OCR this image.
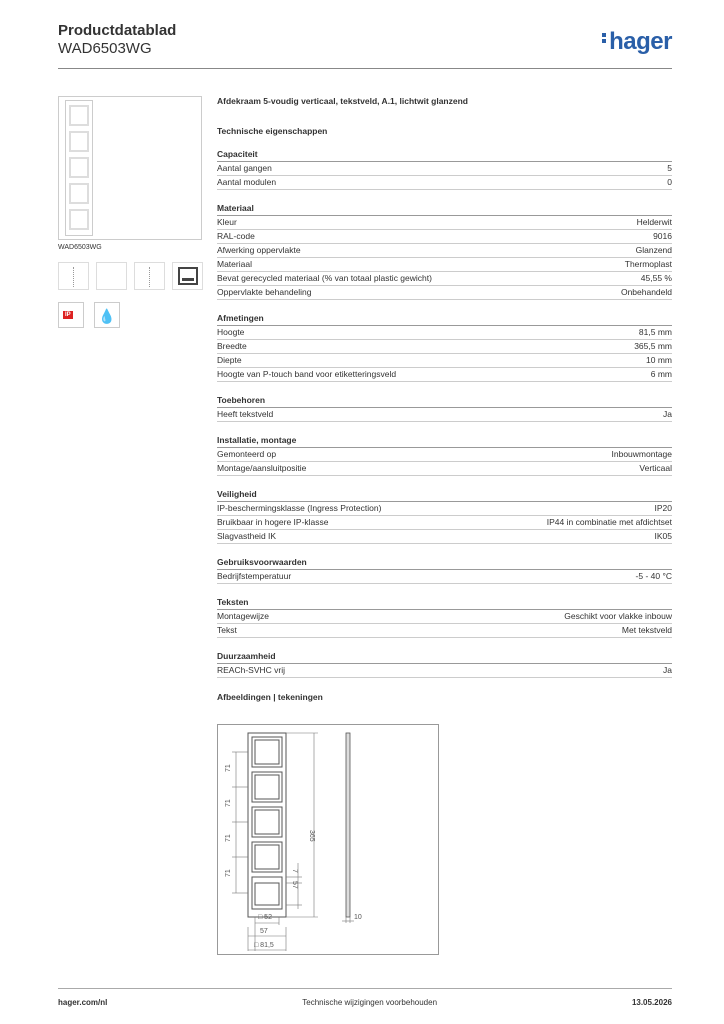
Productdatablad
WAD6503WG	hager
WAD6503WG
IP	💧
Afdekraam 5-voudig verticaal, tekstveld, A.1, lichtwit glanzend
Technische eigenschappen
Capaciteit
Aantal gangen	5
Aantal modulen	0
Materiaal
Kleur	Helderwit
RAL-code	9016
Afwerking oppervlakte	Glanzend
Materiaal	Thermoplast
Bevat gerecycled materiaal (% van totaal plastic gewicht)	45,55 %
Oppervlakte behandeling	Onbehandeld
Afmetingen
Hoogte	81,5 mm
Breedte	365,5 mm
Diepte	10 mm
Hoogte van P-touch band voor etiketteringsveld	6 mm
Toebehoren
Heeft tekstveld	Ja
Installatie, montage
Gemonteerd op	Inbouwmontage
Montage/aansluitpositie	Verticaal
Veiligheid
IP-beschermingsklasse (Ingress Protection)	IP20
Bruikbaar in hogere IP-klasse	IP44 in combinatie met afdichtset
Slagvastheid IK	IK05
Gebruiksvoorwaarden
Bedrijfstemperatuur	-5 - 40 °C
Teksten
Montagewijze	Geschikt voor vlakke inbouw
Tekst	Met tekstveld
Duurzaamheid
REACh-SVHC vrij	Ja
Afbeeldingen | tekeningen
71
71
71
71
365
7
57
□ 52
57
□ 81,5
10
hager.com/nl	Technische wijzigingen voorbehouden	13.05.2026
